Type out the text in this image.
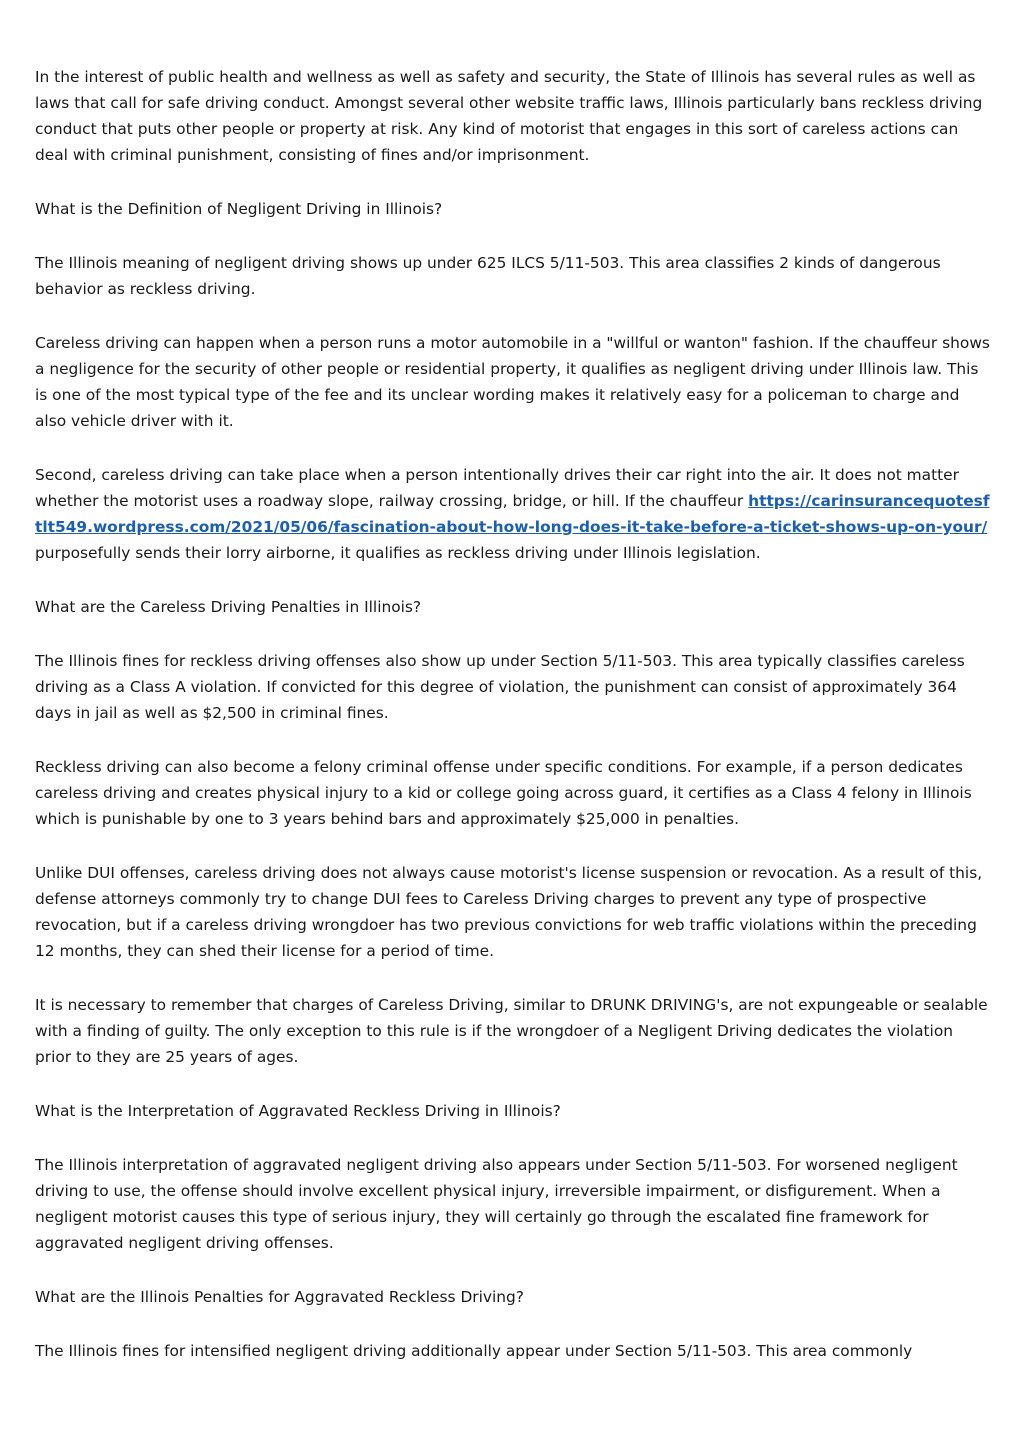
In the interest of public health and wellness as well as safety and security, the State of Illinois has several rules as well as laws that call for safe driving conduct. Amongst several other website traffic laws, Illinois particularly bans reckless driving conduct that puts other people or property at risk. Any kind of motorist that engages in this sort of careless actions can deal with criminal punishment, consisting of fines and/or imprisonment.

What is the Definition of Negligent Driving in Illinois?

The Illinois meaning of negligent driving shows up under 625 ILCS 5/11-503. This area classifies 2 kinds of dangerous behavior as reckless driving.

Careless driving can happen when a person runs a motor automobile in a "willful or wanton" fashion. If the chauffeur shows a negligence for the security of other people or residential property, it qualifies as negligent driving under Illinois law. This is one of the most typical type of the fee and its unclear wording makes it relatively easy for a policeman to charge and also vehicle driver with it.

Second, careless driving can take place when a person intentionally drives their car right into the air. It does not matter whether the motorist uses a roadway slope, railway crossing, bridge, or hill. If the chauffeur https://carinsurancequotesftlt549.wordpress.com/2021/05/06/fascination-about-how-long-does-it-take-before-a-ticket-shows-up-on-your/ purposefully sends their lorry airborne, it qualifies as reckless driving under Illinois legislation.

What are the Careless Driving Penalties in Illinois?

The Illinois fines for reckless driving offenses also show up under Section 5/11-503. This area typically classifies careless driving as a Class A violation. If convicted for this degree of violation, the punishment can consist of approximately 364 days in jail as well as $2,500 in criminal fines.

Reckless driving can also become a felony criminal offense under specific conditions. For example, if a person dedicates careless driving and creates physical injury to a kid or college going across guard, it certifies as a Class 4 felony in Illinois which is punishable by one to 3 years behind bars and approximately $25,000 in penalties.

Unlike DUI offenses, careless driving does not always cause motorist's license suspension or revocation. As a result of this, defense attorneys commonly try to change DUI fees to Careless Driving charges to prevent any type of prospective revocation, but if a careless driving wrongdoer has two previous convictions for web traffic violations within the preceding 12 months, they can shed their license for a period of time.

It is necessary to remember that charges of Careless Driving, similar to DRUNK DRIVING's, are not expungeable or sealable with a finding of guilty. The only exception to this rule is if the wrongdoer of a Negligent Driving dedicates the violation prior to they are 25 years of ages.

What is the Interpretation of Aggravated Reckless Driving in Illinois?

The Illinois interpretation of aggravated negligent driving also appears under Section 5/11-503. For worsened negligent driving to use, the offense should involve excellent physical injury, irreversible impairment, or disfigurement. When a negligent motorist causes this type of serious injury, they will certainly go through the escalated fine framework for aggravated negligent driving offenses.

What are the Illinois Penalties for Aggravated Reckless Driving?

The Illinois fines for intensified negligent driving additionally appear under Section 5/11-503. This area commonly
